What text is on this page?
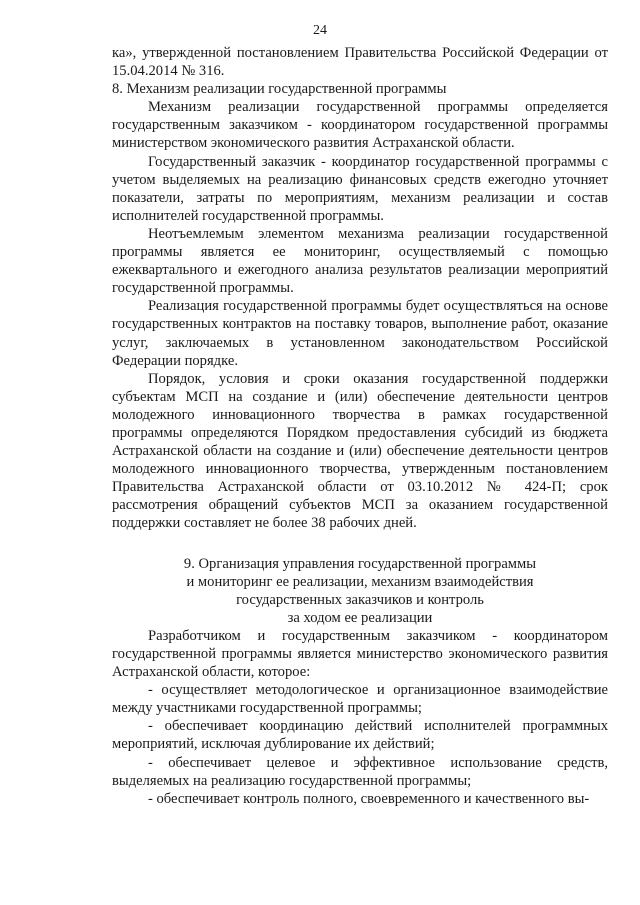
24

ка», утвержденной постановлением Правительства Российской Федерации от 15.04.2014 № 316.

8. Механизм реализации государственной программы

Механизм реализации государственной программы определяется государственным заказчиком - координатором государственной программы министерством экономического развития Астраханской области.

Государственный заказчик - координатор государственной программы с учетом выделяемых на реализацию финансовых средств ежегодно уточняет показатели, затраты по мероприятиям, механизм реализации и состав исполнителей государственной программы.

Неотъемлемым элементом механизма реализации государственной программы является ее мониторинг, осуществляемый с помощью ежеквартального и ежегодного анализа результатов реализации мероприятий государственной программы.

Реализация государственной программы будет осуществляться на основе государственных контрактов на поставку товаров, выполнение работ, оказание услуг, заключаемых в установленном законодательством Российской Федерации порядке.

Порядок, условия и сроки оказания государственной поддержки субъектам МСП на создание и (или) обеспечение деятельности центров молодежного инновационного творчества в рамках государственной программы определяются Порядком предоставления субсидий из бюджета Астраханской области на создание и (или) обеспечение деятельности центров молодежного инновационного творчества, утвержденным постановлением Правительства Астраханской области от 03.10.2012 № 424-П; срок рассмотрения обращений субъектов МСП за оказанием государственной поддержки составляет не более 38 рабочих дней.

9. Организация управления государственной программы
и мониторинг ее реализации, механизм взаимодействия
государственных заказчиков и контроль
за ходом ее реализации

Разработчиком и государственным заказчиком - координатором государственной программы является министерство экономического развития Астраханской области, которое:

- осуществляет методологическое и организационное взаимодействие между участниками государственной программы;

- обеспечивает координацию действий исполнителей программных мероприятий, исключая дублирование их действий;

- обеспечивает целевое и эффективное использование средств, выделяемых на реализацию государственной программы;

- обеспечивает контроль полного, своевременного и качественного вы-
